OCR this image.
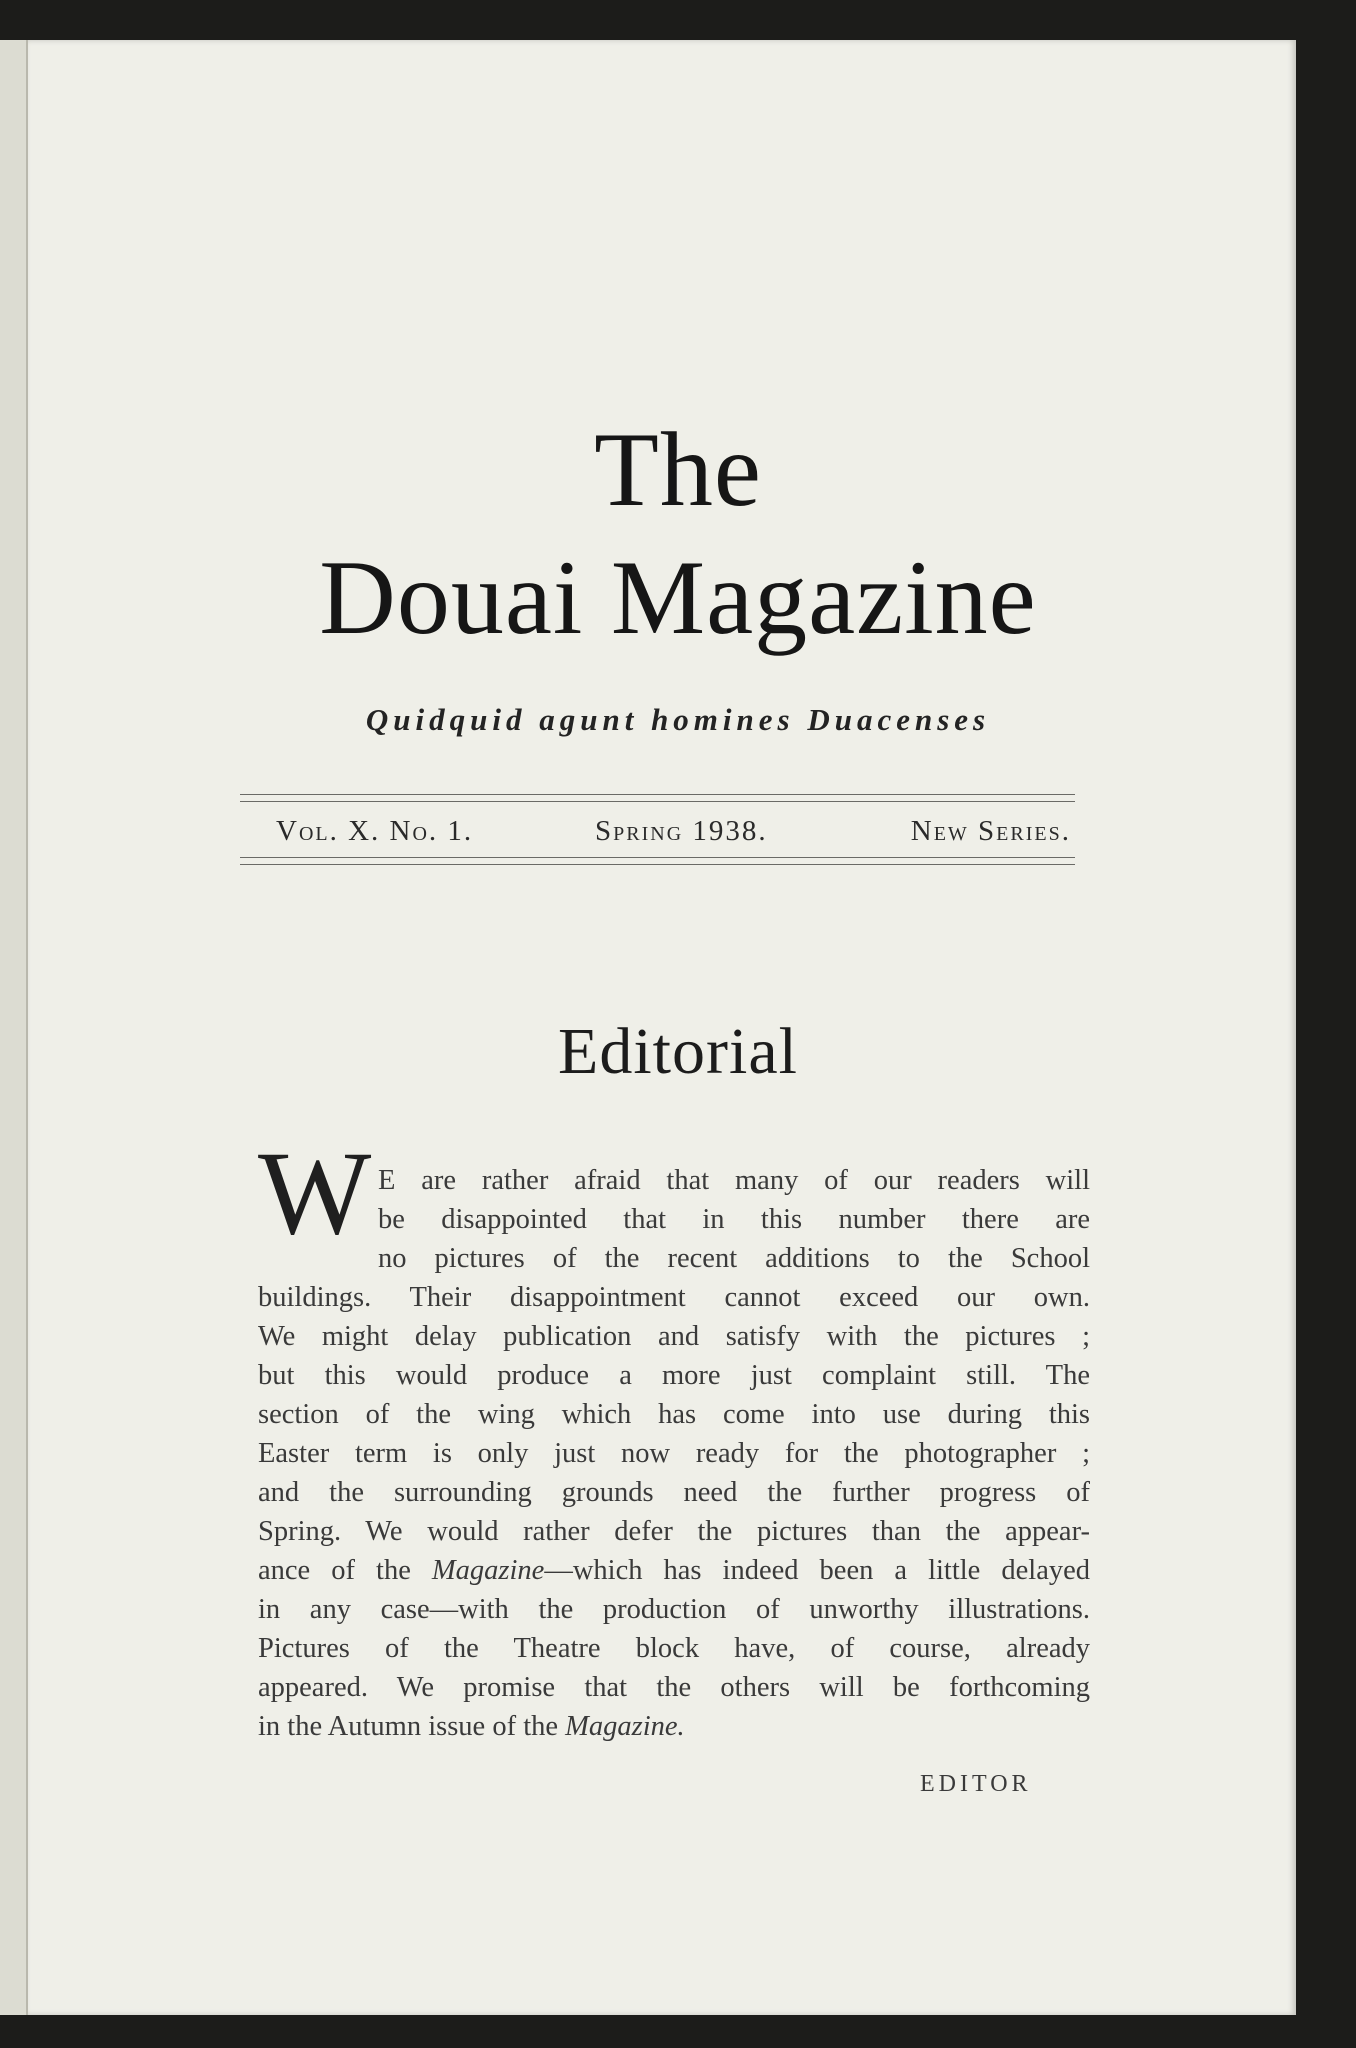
The
Douai Magazine
Quidquid agunt homines Duacenses
Vol. X. No. 1.	Spring 1938.	New Series.
Editorial
W E are rather afraid that many of our readers will
be disappointed that in this number there are
no pictures of the recent additions to the School
buildings. Their disappointment cannot exceed our own.
We might delay publication and satisfy with the pictures ;
but this would produce a more just complaint still. The
section of the wing which has come into use during this
Easter term is only just now ready for the photographer ;
and the surrounding grounds need the further progress of
Spring. We would rather defer the pictures than the appear-
ance of the Magazine—which has indeed been a little delayed
in any case—with the production of unworthy illustrations.
Pictures of the Theatre block have, of course, already
appeared. We promise that the others will be forthcoming
in the Autumn issue of the Magazine.
EDITOR
